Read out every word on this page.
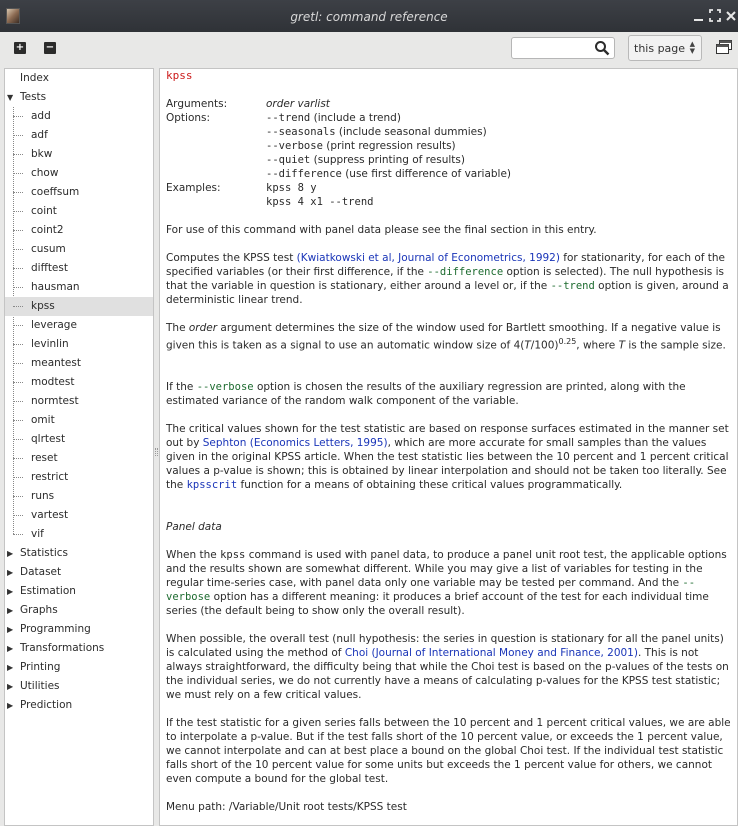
gretl: command reference
+ −	this page ▲
▼
Index
▼ Tests
add
adf
bkw
chow
coeffsum
coint
coint2
cusum
difftest
hausman
kpss
leverage
levinlin
meantest
modtest
normtest
omit
qlrtest
reset
restrict
runs
vartest
vif
▶ Statistics
▶ Dataset
▶ Estimation
▶ Graphs
▶ Programming
▶ Transformations
▶ Printing
▶ Utilities
▶ Prediction
kpss
Arguments:	order varlist
Options:	--trend (include a trend)
--seasonals (include seasonal dummies)
--verbose (print regression results)
--quiet (suppress printing of results)
--difference (use first difference of variable)
Examples:	kpss 8 y
kpss 4 x1 --trend
For use of this command with panel data please see the final section in this entry.
Computes the KPSS test (Kwiatkowski et al, Journal of Econometrics, 1992) for stationarity, for each of the specified variables (or their first difference, if the --difference option is selected). The null hypothesis is that the variable in question is stationary, either around a level or, if the --trend option is given, around a deterministic linear trend.
The order argument determines the size of the window used for Bartlett smoothing. If a negative value is given this is taken as a signal to use an automatic window size of $4(T/100)^{0.25}$, where T is the sample size.
If the --verbose option is chosen the results of the auxiliary regression are printed, along with the estimated variance of the random walk component of the variable.
The critical values shown for the test statistic are based on response surfaces estimated in the manner set out by Sephton (Economics Letters, 1995), which are more accurate for small samples than the values given in the original KPSS article. When the test statistic lies between the 10 percent and 1 percent critical values a p-value is shown; this is obtained by linear interpolation and should not be taken too literally. See the kpsscrit function for a means of obtaining these critical values programmatically.
Panel data
When the kpss command is used with panel data, to produce a panel unit root test, the applicable options and the results shown are somewhat different. While you may give a list of variables for testing in the regular time-series case, with panel data only one variable may be tested per command. And the --verbose option has a different meaning: it produces a brief account of the test for each individual time series (the default being to show only the overall result).
When possible, the overall test (null hypothesis: the series in question is stationary for all the panel units) is calculated using the method of Choi (Journal of International Money and Finance, 2001). This is not always straightforward, the difficulty being that while the Choi test is based on the p-values of the tests on the individual series, we do not currently have a means of calculating p-values for the KPSS test statistic; we must rely on a few critical values.
If the test statistic for a given series falls between the 10 percent and 1 percent critical values, we are able to interpolate a p-value. But if the test falls short of the 10 percent value, or exceeds the 1 percent value, we cannot interpolate and can at best place a bound on the global Choi test. If the individual test statistic falls short of the 10 percent value for some units but exceeds the 1 percent value for others, we cannot even compute a bound for the global test.
Menu path: /Variable/Unit root tests/KPSS test
